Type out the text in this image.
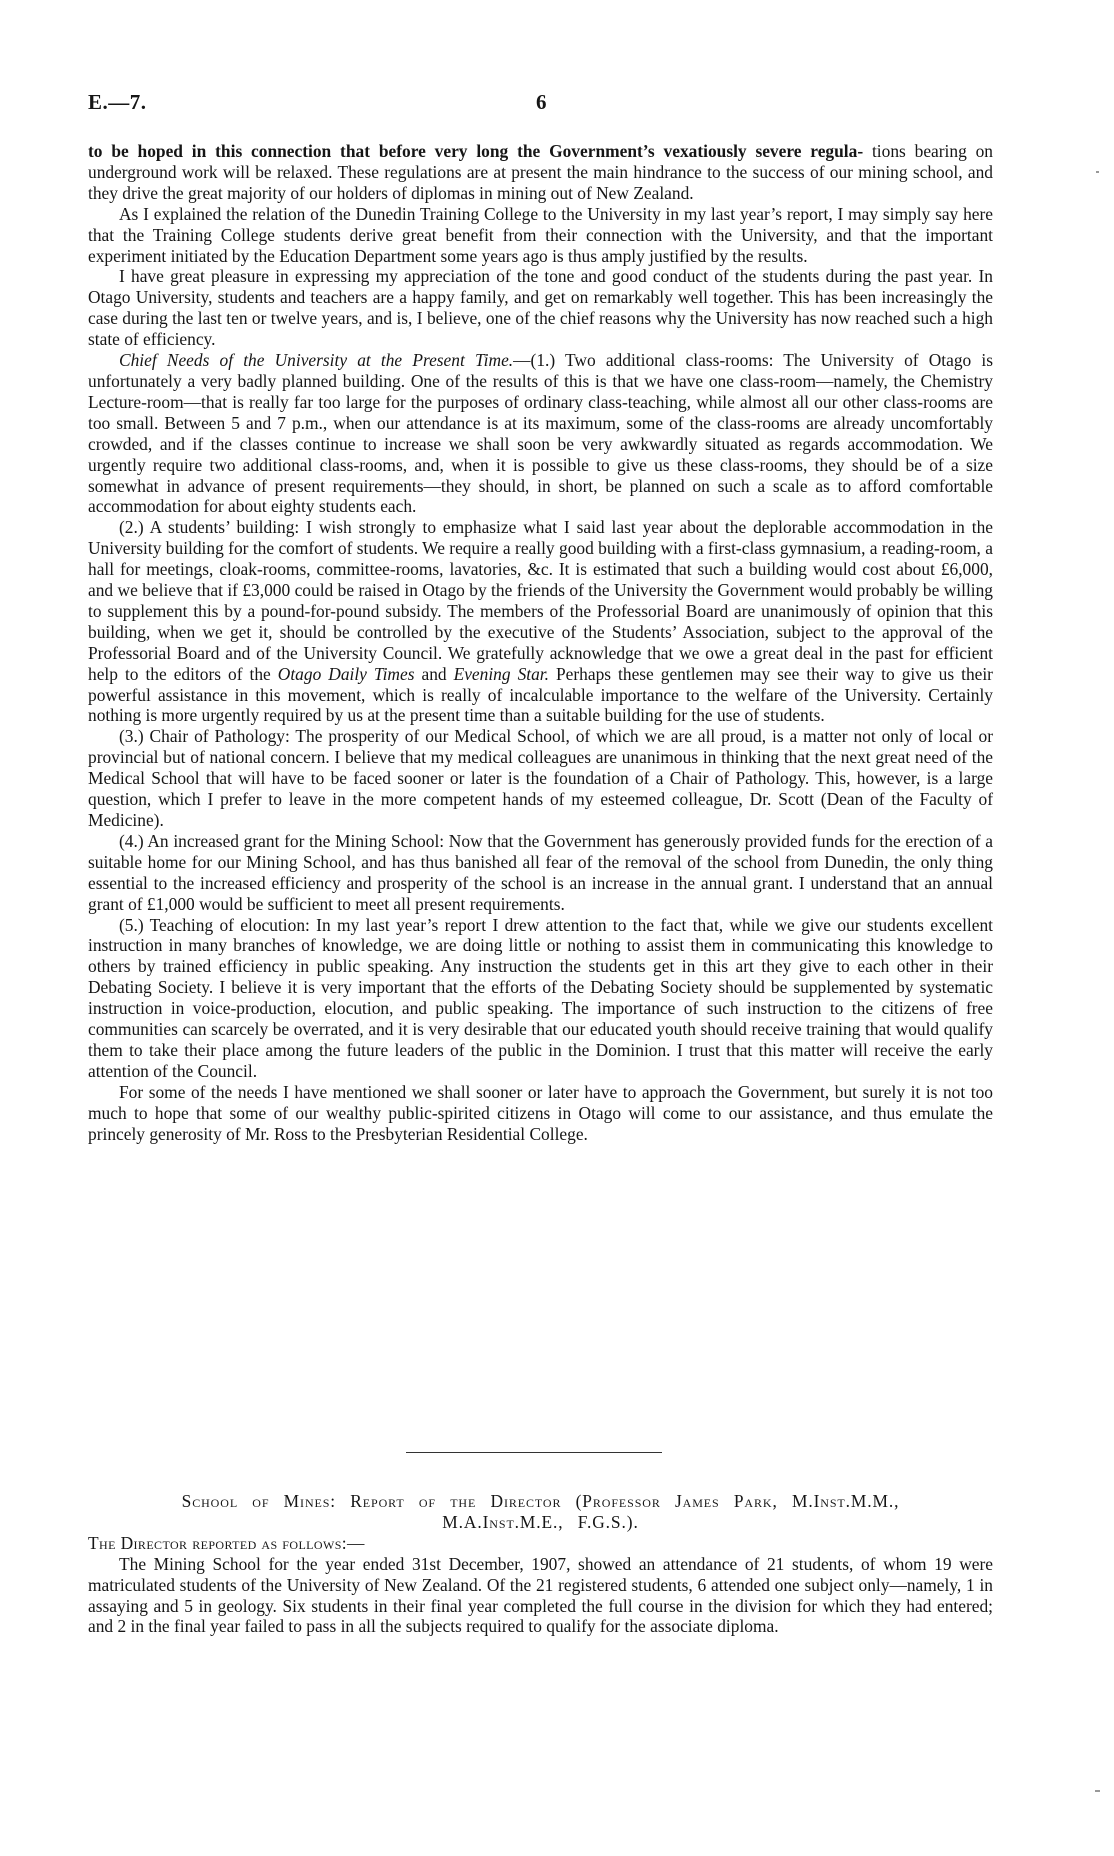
E.—7.	6

to be hoped in this connection that before very long the Government’s vexatiously severe regula- tions bearing on underground work will be relaxed. These regulations are at present the main hindrance to the success of our mining school, and they drive the great majority of our holders of diplomas in mining out of New Zealand.

As I explained the relation of the Dunedin Training College to the University in my last year’s report, I may simply say here that the Training College students derive great benefit from their connection with the University, and that the important experiment initiated by the Education Department some years ago is thus amply justified by the results.

I have great pleasure in expressing my appreciation of the tone and good conduct of the students during the past year. In Otago University, students and teachers are a happy family, and get on remarkably well together. This has been increasingly the case during the last ten or twelve years, and is, I believe, one of the chief reasons why the University has now reached such a high state of efficiency.

Chief Needs of the University at the Present Time.—(1.) Two additional class-rooms: The University of Otago is unfortunately a very badly planned building. One of the results of this is that we have one class-room—namely, the Chemistry Lecture-room—that is really far too large for the purposes of ordinary class-teaching, while almost all our other class-rooms are too small. Between 5 and 7 p.m., when our attendance is at its maximum, some of the class-rooms are already uncomfortably crowded, and if the classes continue to increase we shall soon be very awkwardly situated as regards accommodation. We urgently require two additional class-rooms, and, when it is possible to give us these class-rooms, they should be of a size somewhat in advance of present requirements—they should, in short, be planned on such a scale as to afford comfortable accommodation for about eighty students each.

(2.) A students’ building: I wish strongly to emphasize what I said last year about the deplorable accommodation in the University building for the comfort of students. We require a really good building with a first-class gymnasium, a reading-room, a hall for meetings, cloak-rooms, committee-rooms, lavatories, &c. It is estimated that such a building would cost about £6,000, and we believe that if £3,000 could be raised in Otago by the friends of the University the Government would probably be willing to supplement this by a pound-for-pound subsidy. The members of the Professorial Board are unanimously of opinion that this building, when we get it, should be controlled by the executive of the Students’ Association, subject to the approval of the Professorial Board and of the University Council. We gratefully acknowledge that we owe a great deal in the past for efficient help to the editors of the Otago Daily Times and Evening Star. Perhaps these gentlemen may see their way to give us their powerful assistance in this movement, which is really of incalculable importance to the welfare of the University. Certainly nothing is more urgently required by us at the present time than a suitable building for the use of students.

(3.) Chair of Pathology: The prosperity of our Medical School, of which we are all proud, is a matter not only of local or provincial but of national concern. I believe that my medical colleagues are unanimous in thinking that the next great need of the Medical School that will have to be faced sooner or later is the foundation of a Chair of Pathology. This, however, is a large question, which I prefer to leave in the more competent hands of my esteemed colleague, Dr. Scott (Dean of the Faculty of Medicine).

(4.) An increased grant for the Mining School: Now that the Government has generously provided funds for the erection of a suitable home for our Mining School, and has thus banished all fear of the removal of the school from Dunedin, the only thing essential to the increased efficiency and prosperity of the school is an increase in the annual grant. I understand that an annual grant of £1,000 would be sufficient to meet all present requirements.

(5.) Teaching of elocution: In my last year’s report I drew attention to the fact that, while we give our students excellent instruction in many branches of knowledge, we are doing little or nothing to assist them in communicating this knowledge to others by trained efficiency in public speaking. Any instruction the students get in this art they give to each other in their Debating Society. I believe it is very important that the efforts of the Debating Society should be supplemented by systematic instruction in voice-production, elocution, and public speaking. The importance of such instruction to the citizens of free communities can scarcely be overrated, and it is very desirable that our educated youth should receive training that would qualify them to take their place among the future leaders of the public in the Dominion. I trust that this matter will receive the early attention of the Council.

For some of the needs I have mentioned we shall sooner or later have to approach the Government, but surely it is not too much to hope that some of our wealthy public-spirited citizens in Otago will come to our assistance, and thus emulate the princely generosity of Mr. Ross to the Presbyterian Residential College.

School of Mines: Report of the Director (Professor James Park, M.Inst.M.M.,
M.A.Inst.M.E., F.G.S.).

The Director reported as follows:—

The Mining School for the year ended 31st December, 1907, showed an attendance of 21 students, of whom 19 were matriculated students of the University of New Zealand. Of the 21 registered students, 6 attended one subject only—namely, 1 in assaying and 5 in geology. Six students in their final year completed the full course in the division for which they had entered; and 2 in the final year failed to pass in all the subjects required to qualify for the associate diploma.
